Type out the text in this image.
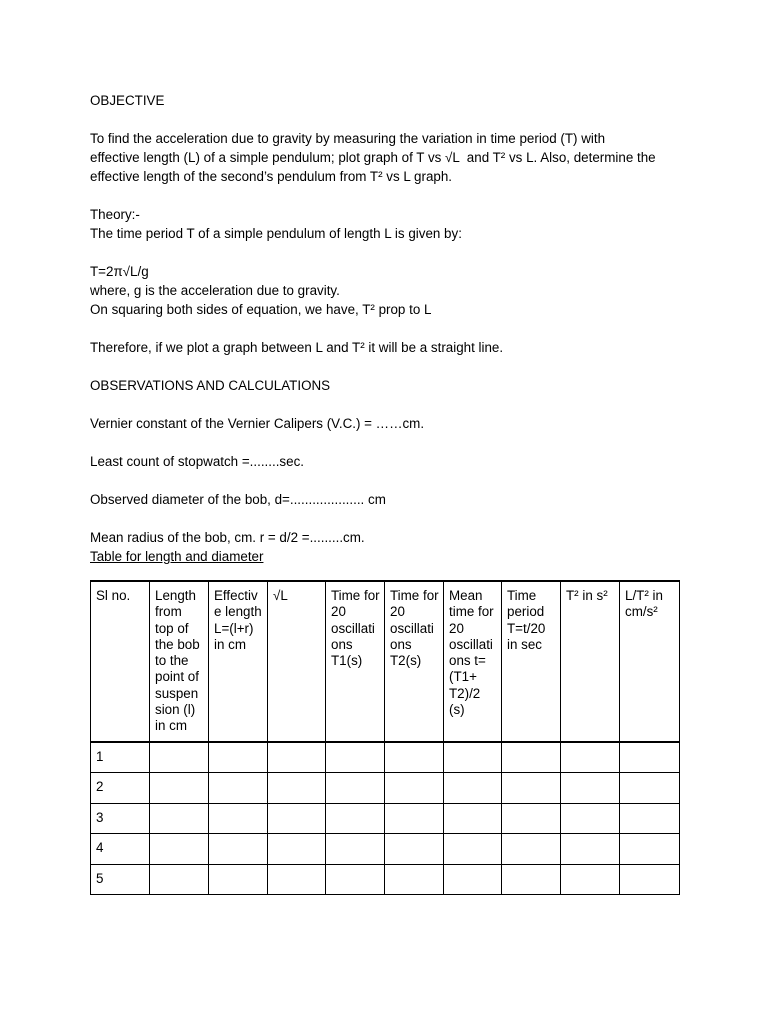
OBJECTIVE

To find the acceleration due to gravity by measuring the variation in time period (T) with

effective length (L) of a simple pendulum; plot graph of T vs √L  and T² vs L. Also, determine the

effective length of the second’s pendulum from T² vs L graph.

Theory:-

The time period T of a simple pendulum of length L is given by:

T=2π√L/g

where, g is the acceleration due to gravity.

On squaring both sides of equation, we have, T² prop to L

Therefore, if we plot a graph between L and T² it will be a straight line.

OBSERVATIONS AND CALCULATIONS

Vernier constant of the Vernier Calipers (V.C.) = ……cm.

Least count of stopwatch =........sec.

Observed diameter of the bob, d=.................... cm

Mean radius of the bob, cm. r = d/2 =.........cm.

Table for length and diameter

Sl no.	Length from top of the bob to the point of suspen sion (l) in cm	Effectiv e length L=(l+r) in cm	√L	Time for 20 oscillati ons T1(s)	Time for 20 oscillati ons T2(s)	Mean time for 20 oscillati ons t=(T1+ T2)/2 (s)	Time period T=t/20 in sec	T² in s²	L/T² in cm/s²
1									
2									
3									
4									
5									
